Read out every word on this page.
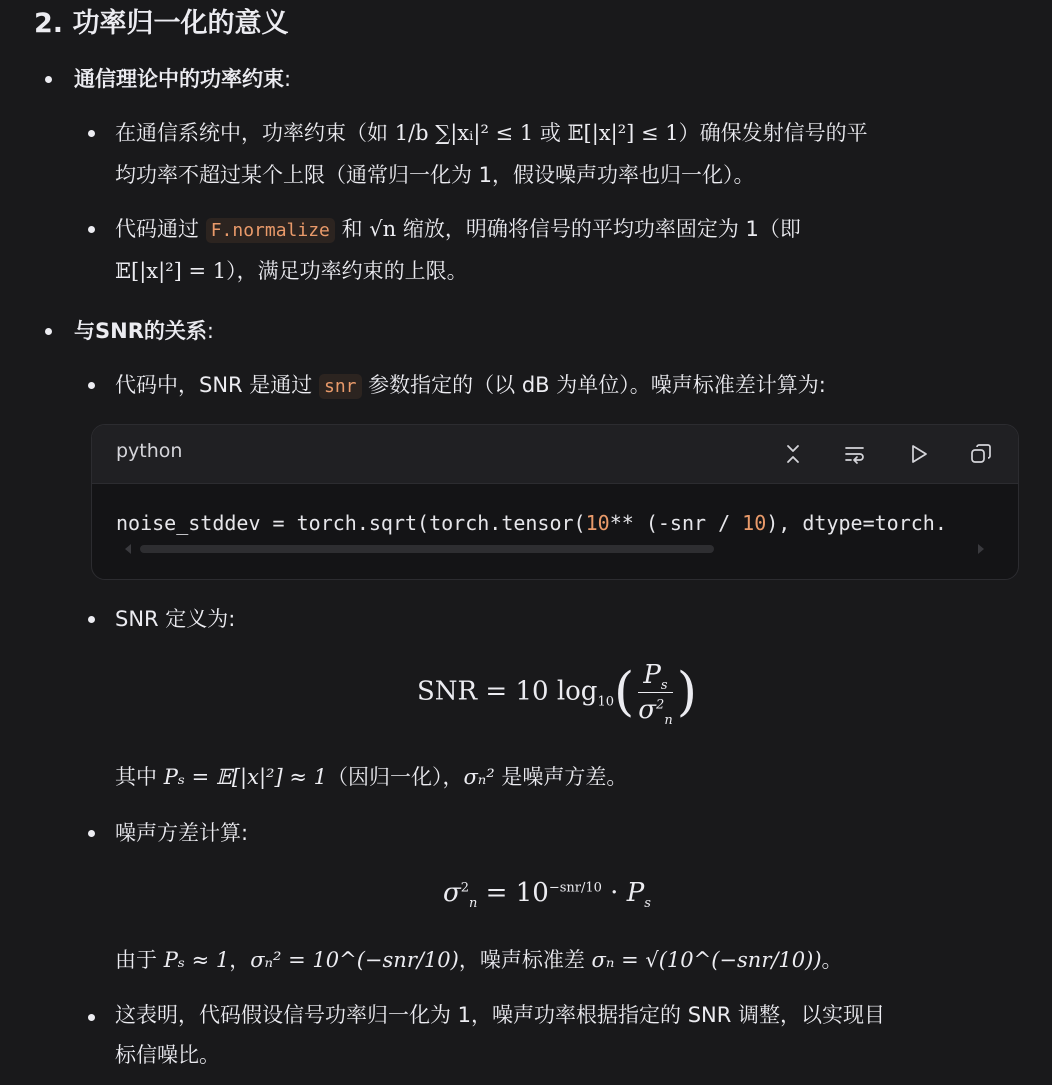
2. 功率归一化的意义
通信理论中的功率约束:
在通信系统中，功率约束（如 1/b ∑|xᵢ|² ≤ 1 或 𝔼[|x|²] ≤ 1）确保发射信号的平
均功率不超过某个上限（通常归一化为 1，假设噪声功率也归一化）。
代码通过 F.normalize 和 √n 缩放，明确将信号的平均功率固定为 1（即
𝔼[|x|²] = 1），满足功率约束的上限。
与SNR的关系:
代码中，SNR 是通过 snr 参数指定的（以 dB 为单位）。噪声标准差计算为:
python
noise_stddev = torch.sqrt(torch.tensor(10** (-snr / 10), dtype=torch.
SNR 定义为:
SNR = 10 $\log_{10}( \frac{P_s}{\sigma^2_n}$ )
其中 Pₛ = 𝔼[|x|²] ≈ 1（因归一化），σₙ² 是噪声方差。
噪声方差计算:
$\sigma^2_n = 10^{-snr/10} \cdot P_s$
由于 Pₛ ≈ 1，σₙ² = 10^(−snr/10)，噪声标准差 σₙ = √(10^(−snr/10))。
这表明，代码假设信号功率归一化为 1，噪声功率根据指定的 SNR 调整，以实现目
标信噪比。
